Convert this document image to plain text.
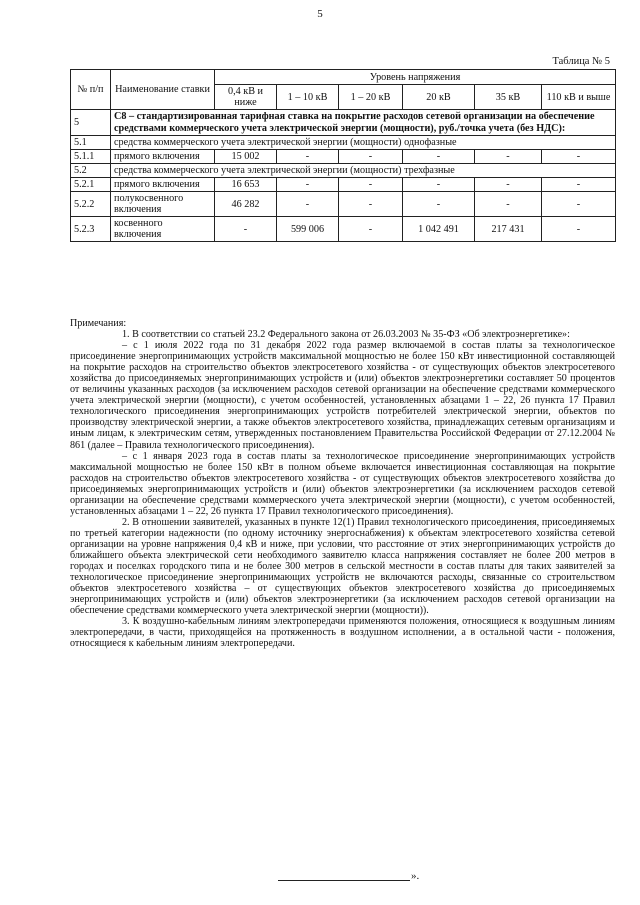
5
Таблица № 5
№ п/п	Наименование ставки	Уровень напряжения					
		0,4 кВ и ниже	1 – 10 кВ	1 – 20 кВ	20 кВ	35 кВ	110 кВ и выше
5	С8 – стандартизированная тарифная ставка на покрытие расходов сетевой организации на обеспечение средствами коммерческого учета электрической энергии (мощности), руб./точка учета (без НДС):						
5.1	средства коммерческого учета электрической энергии (мощности) однофазные						
5.1.1	прямого включения	15 002	-	-	-	-	-
5.2	средства коммерческого учета электрической энергии (мощности) трехфазные						
5.2.1	прямого включения	16 653	-	-	-	-	-
5.2.2	полукосвенного включения	46 282	-	-	-	-	-
5.2.3	косвенного включения	-	599 006	-	1 042 491	217 431	-

Примечания:

1. В соответствии со статьей 23.2 Федерального закона от 26.03.2003 № 35-ФЗ «Об электроэнергетике»:

– с 1 июля 2022 года по 31 декабря 2022 года размер включаемой в состав платы за технологическое присоединение энергопринимающих устройств максимальной мощностью не более 150 кВт инвестиционной составляющей на покрытие расходов на строительство объектов электросетевого хозяйства - от существующих объектов электросетевого хозяйства до присоединяемых энергопринимающих устройств и (или) объектов электроэнергетики составляет 50 процентов от величины указанных расходов (за исключением расходов сетевой организации на обеспечение средствами коммерческого учета электрической энергии (мощности), с учетом особенностей, установленных абзацами 1 – 22, 26 пункта 17 Правил технологического присоединения энергопринимающих устройств потребителей электрической энергии, объектов по производству электрической энергии, а также объектов электросетевого хозяйства, принадлежащих сетевым организациям и иным лицам, к электрическим сетям, утвержденных постановлением Правительства Российской Федерации от 27.12.2004 № 861 (далее – Правила технологического присоединения).

– с 1 января 2023 года в состав платы за технологическое присоединение энергопринимающих устройств максимальной мощностью не более 150 кВт в полном объеме включается инвестиционная составляющая на покрытие расходов на строительство объектов электросетевого хозяйства - от существующих объектов электросетевого хозяйства до присоединяемых энергопринимающих устройств и (или) объектов электроэнергетики (за исключением расходов сетевой организации на обеспечение средствами коммерческого учета электрической энергии (мощности), с учетом особенностей, установленных абзацами 1 – 22, 26 пункта 17 Правил технологического присоединения).

2. В отношении заявителей, указанных в пункте 12(1) Правил технологического присоединения, присоединяемых по третьей категории надежности (по одному источнику энергоснабжения) к объектам электросетевого хозяйства сетевой организации на уровне напряжения 0,4 кВ и ниже, при условии, что расстояние от этих энергопринимающих устройств до ближайшего объекта электрической сети необходимого заявителю класса напряжения составляет не более 200 метров в городах и поселках городского типа и не более 300 метров в сельской местности в состав платы для таких заявителей за технологическое присоединение энергопринимающих устройств не включаются расходы, связанные со строительством объектов электросетевого хозяйства – от существующих объектов электросетевого хозяйства до присоединяемых энергопринимающих устройств и (или) объектов электроэнергетики (за исключением расходов сетевой организации на обеспечение средствами коммерческого учета электрической энергии (мощности)).

3. К воздушно-кабельным линиям электропередачи применяются положения, относящиеся к воздушным линиям электропередачи, в части, приходящейся на протяженность в воздушном исполнении, а в остальной части - положения, относящиеся к кабельным линиям электропередачи.

».
